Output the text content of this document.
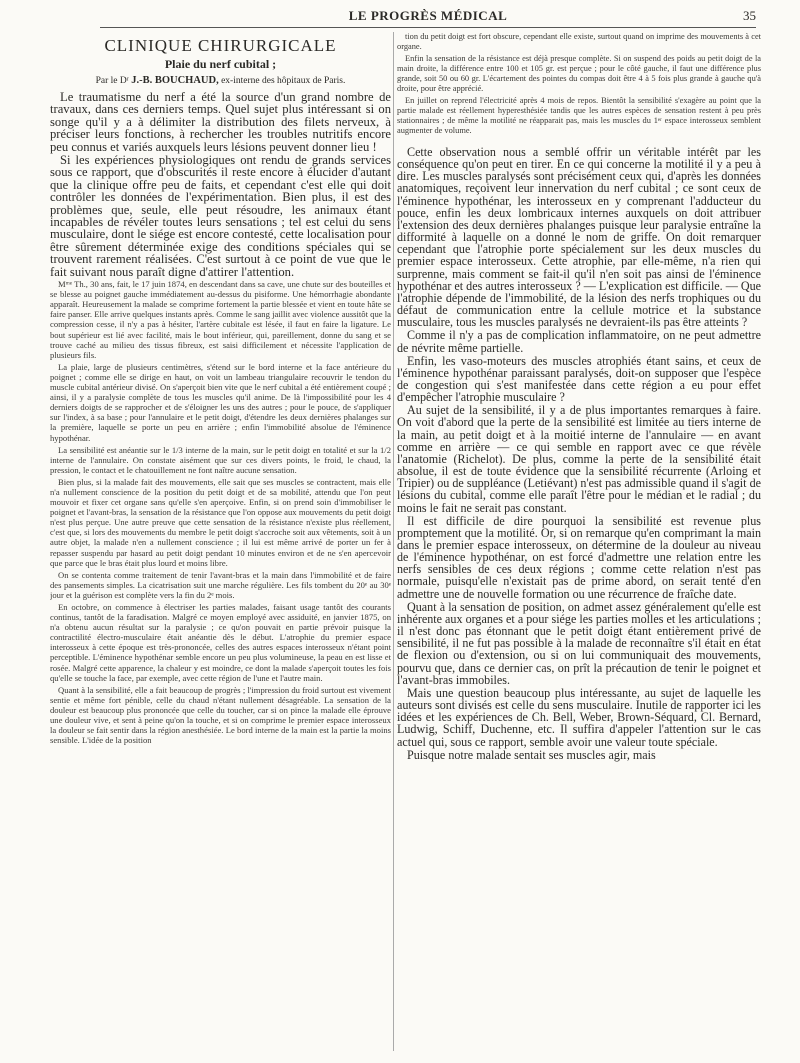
LE PROGRÈS MÉDICAL	35
CLINIQUE CHIRURGICALE
Plaie du nerf cubital ;
Par le Dʳ J.-B. BOUCHAUD, ex-interne des hôpitaux de Paris.

Le traumatisme du nerf a été la source d'un grand nombre de travaux, dans ces derniers temps. Quel sujet plus intéressant si on songe qu'il y a à délimiter la distribution des filets nerveux, à préciser leurs fonctions, à rechercher les troubles nutritifs encore peu connus et variés auxquels leurs lésions peuvent donner lieu !

Si les expériences physiologiques ont rendu de grands services sous ce rapport, que d'obscurités il reste encore à élucider d'autant que la clinique offre peu de faits, et cependant c'est elle qui doit contrôler les données de l'expérimentation. Bien plus, il est des problèmes que, seule, elle peut résoudre, les animaux étant incapables de révéler toutes leurs sensations ; tel est celui du sens musculaire, dont le siége est encore contesté, cette localisation pour être sûrement déterminée exige des conditions spéciales qui se trouvent rarement réalisées. C'est surtout à ce point de vue que le fait suivant nous paraît digne d'attirer l'attention.

Mᵐᵉ Th., 30 ans, fait, le 17 juin 1874, en descendant dans sa cave, une chute sur des bouteilles et se blesse au poignet gauche immédiatement au-dessus du pisiforme. Une hémorrhagie abondante apparaît. Heureusement la malade se comprime fortement la partie blessée et vient en toute hâte se faire panser. Elle arrive quelques instants après. Comme le sang jaillit avec violence aussitôt que la compression cesse, il n'y a pas à hésiter, l'artère cubitale est lésée, il faut en faire la ligature. Le bout supérieur est lié avec facilité, mais le bout inférieur, qui, pareillement, donne du sang et se trouve caché au milieu des tissus fibreux, est saisi difficilement et nécessite l'application de plusieurs fils.

La plaie, large de plusieurs centimètres, s'étend sur le bord interne et la face antérieure du poignet ; comme elle se dirige en haut, on voit un lambeau triangulaire recouvrir le tendon du muscle cubital antérieur divisé. On s'aperçoit bien vite que le nerf cubital a été entièrement coupé ; ainsi, il y a paralysie complète de tous les muscles qu'il anime. De là l'impossibilité pour les 4 derniers doigts de se rapprocher et de s'éloigner les uns des autres ; pour le pouce, de s'appliquer sur l'index, à sa base ; pour l'annulaire et le petit doigt, d'étendre les deux dernières phalanges sur la première, laquelle se porte un peu en arrière ; enfin l'immobilité absolue de l'éminence hypothénar.

La sensibilité est anéantie sur le 1/3 interne de la main, sur le petit doigt en totalité et sur la 1/2 interne de l'annulaire. On constate aisément que sur ces divers points, le froid, le chaud, la pression, le contact et le chatouillement ne font naître aucune sensation.

Bien plus, si la malade fait des mouvements, elle sait que ses muscles se contractent, mais elle n'a nullement conscience de la position du petit doigt et de sa mobilité, attendu que l'on peut mouvoir et fixer cet organe sans qu'elle s'en aperçoive. Enfin, si on prend soin d'immobiliser le poignet et l'avant-bras, la sensation de la résistance que l'on oppose aux mouvements du petit doigt n'est plus perçue. Une autre preuve que cette sensation de la résistance n'existe plus réellement, c'est que, si lors des mouvements du membre le petit doigt s'accroche soit aux vêtements, soit à un autre objet, la malade n'en a nullement conscience ; il lui est même arrivé de porter un fer à repasser suspendu par hasard au petit doigt pendant 10 minutes environ et de ne s'en apercevoir que parce que le bras était plus lourd et moins libre.

On se contenta comme traitement de tenir l'avant-bras et la main dans l'immobilité et de faire des pansements simples. La cicatrisation suit une marche régulière. Les fils tombent du 20ᵉ au 30ᵉ jour et la guérison est complète vers la fin du 2ᵉ mois.

En octobre, on commence à électriser les parties malades, faisant usage tantôt des courants continus, tantôt de la faradisation. Malgré ce moyen employé avec assiduité, en janvier 1875, on n'a obtenu aucun résultat sur la paralysie ; ce qu'on pouvait en partie prévoir puisque la contractilité électro-musculaire était anéantie dès le début. L'atrophie du premier espace interosseux à cette époque est très-prononcée, celles des autres espaces interosseux n'étant point perceptible. L'éminence hypothénar semble encore un peu plus volumineuse, la peau en est lisse et rosée. Malgré cette apparence, la chaleur y est moindre, ce dont la malade s'aperçoit toutes les fois qu'elle se touche la face, par exemple, avec cette région de l'une et l'autre main.

Quant à la sensibilité, elle a fait beaucoup de progrès ; l'impression du froid surtout est vivement sentie et même fort pénible, celle du chaud n'étant nullement désagréable. La sensation de la douleur est beaucoup plus prononcée que celle du toucher, car si on pince la malade elle éprouve une douleur vive, et sent à peine qu'on la touche, et si on comprime le premier espace interosseux la douleur se fait sentir dans la région anesthésiée. Le bord interne de la main est la partie la moins sensible. L'idée de la position

tion du petit doigt est fort obscure, cependant elle existe, surtout quand on imprime des mouvements à cet organe.

Enfin la sensation de la résistance est déjà presque complète. Si on suspend des poids au petit doigt de la main droite, la différence entre 100 et 105 gr. est perçue ; pour le côté gauche, il faut une différence plus grande, soit 50 ou 60 gr. L'écartement des pointes du compas doit être 4 à 5 fois plus grande à gauche qu'à droite, pour être apprécié.

En juillet on reprend l'électricité après 4 mois de repos. Bientôt la sensibilité s'exagère au point que la partie malade est réellement hyperesthésiée tandis que les autres espèces de sensation restent à peu près stationnaires ; de même la motilité ne réapparait pas, mais les muscles du 1ᵉʳ espace interosseux semblent augmenter de volume.

Cette observation nous a semblé offrir un véritable intérêt par les conséquence qu'on peut en tirer. En ce qui concerne la motilité il y a peu à dire. Les muscles paralysés sont précisément ceux qui, d'après les données anatomiques, reçoivent leur innervation du nerf cubital ; ce sont ceux de l'éminence hypothénar, les interosseux en y comprenant l'adducteur du pouce, enfin les deux lombricaux internes auxquels on doit attribuer l'extension des deux dernières phalanges puisque leur paralysie entraîne la difformité à laquelle on a donné le nom de griffe. On doit remarquer cependant que l'atrophie porte spécialement sur les deux muscles du premier espace interosseux. Cette atrophie, par elle-même, n'a rien qui surprenne, mais comment se fait-il qu'il n'en soit pas ainsi de l'éminence hypothénar et des autres interosseux ? — L'explication est difficile. — Que l'atrophie dépende de l'immobilité, de la lésion des nerfs trophiques ou du défaut de communication entre la cellule motrice et la substance musculaire, tous les muscles paralysés ne devraient-ils pas être atteints ?

Comme il n'y a pas de complication inflammatoire, on ne peut admettre de névrite même partielle.

Enfin, les vaso-moteurs des muscles atrophiés étant sains, et ceux de l'éminence hypothénar paraissant paralysés, doit-on supposer que l'espèce de congestion qui s'est manifestée dans cette région a eu pour effet d'empêcher l'atrophie musculaire ?

Au sujet de la sensibilité, il y a de plus importantes remarques à faire. On voit d'abord que la perte de la sensibilité est limitée au tiers interne de la main, au petit doigt et à la moitié interne de l'annulaire — en avant comme en arrière — ce qui semble en rapport avec ce que révèle l'anatomie (Richelot). De plus, comme la perte de la sensibilité était absolue, il est de toute évidence que la sensibilité récurrente (Arloing et Tripier) ou de suppléance (Letiévant) n'est pas admissible quand il s'agit de lésions du cubital, comme elle paraît l'être pour le médian et le radial ; du moins le fait ne serait pas constant.

Il est difficile de dire pourquoi la sensibilité est revenue plus promptement que la motilité. Or, si on remarque qu'en comprimant la main dans le premier espace interosseux, on détermine de la douleur au niveau de l'éminence hypothénar, on est forcé d'admettre une relation entre les nerfs sensibles de ces deux régions ; comme cette relation n'est pas normale, puisqu'elle n'existait pas de prime abord, on serait tenté d'en admettre une de nouvelle formation ou une récurrence de fraîche date.

Quant à la sensation de position, on admet assez généralement qu'elle est inhérente aux organes et a pour siége les parties molles et les articulations ; il n'est donc pas étonnant que le petit doigt étant entièrement privé de sensibilité, il ne fut pas possible à la malade de reconnaître s'il était en état de flexion ou d'extension, ou si on lui communiquait des mouvements, pourvu que, dans ce dernier cas, on prît la précaution de tenir le poignet et l'avant-bras immobiles.

Mais une question beaucoup plus intéressante, au sujet de laquelle les auteurs sont divisés est celle du sens musculaire. Inutile de rapporter ici les idées et les expériences de Ch. Bell, Weber, Brown-Séquard, Cl. Bernard, Ludwig, Schiff, Duchenne, etc. Il suffira d'appeler l'attention sur le cas actuel qui, sous ce rapport, semble avoir une valeur toute spéciale.

Puisque notre malade sentait ses muscles agir, mais
